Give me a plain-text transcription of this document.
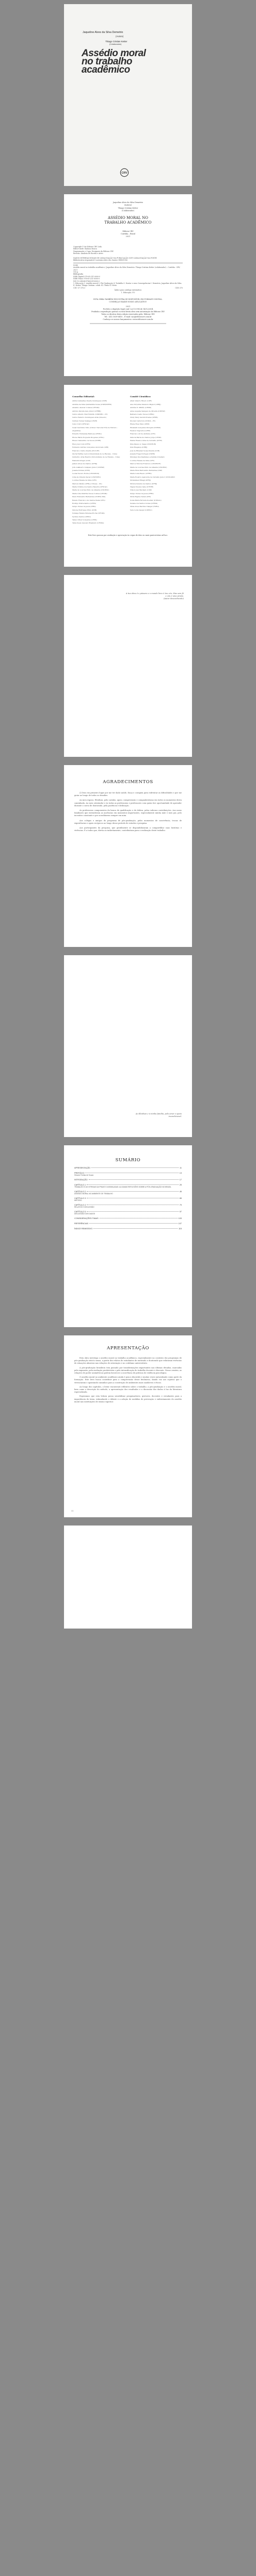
Jaqueline Alves da Silva Demetrio
(Autora)
Thiago Cristian Ketter
(Colaborador)
Assédio moral
no trabalho
acadêmico
CRV
Jaqueline Alves da Silva Demetrio
(Autora)
Thiago Cristian Ketter
(Colaborador)
ASSÉDIO MORAL NO TRABALHO ACADÊMICO
Editora CRV
Curitiba – Brasil
2021
Copyright © da Editora CRV Ltda.
Editor-chefe: Railson Moura
Diagramação e Capa: Designers da Editora CRV
Revisão: Analista de Escrita e Artes
DADOS INTERNACIONAIS DE CATALOGAÇÃO NA PUBLICAÇÃO (CIP) CATALOGAÇÃO NA FONTE
Bibliotecária responsável: Luzenira Alves dos Santos CRB9/1506
D384
Assédio moral no trabalho acadêmico / Jaqueline Alves da Silva Demetrio. Thiago Cristian Ketter (colaborador) – Curitiba : CRV, 2021.
110 p.
Bibliografia
ISBN Digital 978-65-251-0000-0
ISBN Físico 978-65-251-0000-0
DOI 10.24824/978652510000.0
1. Educação 2. Assédio moral 3. Pós-Graduação 4. Trabalho 5. Doutor e seus Consequências I. Demetrio, Jaqueline Alves da Silva. II. Ketter, Thiago Cristian. colab. III. Título IV. Série.
CDU 37 378.3	CDD 370
Índice para catálogo sistemático
1. Educação 370
ESTA OBRA TAMBÉM ENCONTRA-SE DISPONÍVEL EM FORMATO DIGITAL.
CONHEÇA E BAIXE NOSSO APLICATIVO!
2021
Foi feito o depósito legal conf. Lei 10.994 de 14/12/2004
Proibida a reprodução parcial ou total desta obra sem autorização da Editora CRV
Todos os direitos desta edição reservados pela: Editora CRV
Tel.: (41) 3039-6418 – E-mail: sac@editoracrv.com.br
Conheça os nossos lançamentos: www.editoracrv.com.br
Conselho Editorial:
Aldira Guimarães Duarte Domínguez (UNB)
Andréia da Silva Quintanilha Sousa (UNIR/UFRN)
Anselmo Alencar Colares (UFOPA)
Antônio Pereira Gaio Júnior (UFRRJ)
Carlos Alberto Vilar Estêvão (UMINHO – PT)
Carlos Federico Dominguez Avila (Unieuro)
Carmen Tereza Velanga (UNIR)
Celso Conti (UFSCar)
Cesar Gerónimo Tello (Univer. Nacional Três de Febrero – Argentina)
Eduardo Fernandes Barbosa (UFMG)
Elione Maria Nogueira Diogenes (UFAL)
Elizeu Clementino de Souza (UNEB)
Élsio José Corá (UFFS)
Fernando Antônio Gonçalves Alcoforado (IPB)
Francisco Carlos Duarte (PUC-PR)
Gloria Fariñas León (Universidade de La Havana – Cuba)
Guillermo Arias Beatón (Universidade de La Havana – Cuba)
Helmuth Krüger (UCP)
Jailson Alves dos Santos (UFRJ)
João Adalberto Campato Junior (UNESP)
Josania Portela (UFPI)
Leonel Severo Rocha (UNISINOS)
Lídia de Oliveira Xavier (UNIEURO)
Lourdes Helena da Silva (UFV)
Marcelo Paixão (UFRJ e UTexas – US)
Maria Cristina dos Santos Bezerra (UFSCar)
Maria de Lourdes Pinto de Almeida (UNOESC)
Maria Lília Imbiriba Sousa Colares (UFOPA)
Paulo Romualdo Hernandes (UNIFAL-MG)
Renato Francisco dos Santos Paula (UFG)
Rodrigo Pratte-Santos (UFES)
Sérgio Nunes de Jesus (IFRO)
Simone Rodrigues Pinto (UNB)
Solange Helena Ximenes-Rocha (UFOPA)
Sydione Santos (UEPG)
Tadeu Oliver Gonçalves (UFPA)
Tania Suely Azevedo Brasileiro (UFOPA)
Comitê Científico:
Altair Alberto Fávero (UPF)
Ana Chrystina Venancio Mignot (UERJ)
Andréia N. Militão (UEMS)
Anna Augusta Sampaio de Oliveira (UNESP)
Barbara Coelho Neves (UFBA)
Cindy Mery Gavioli-Prestes (UFPB)
Diosnel Centurion (UNIDA – PY)
Eliane Rose Maio (UEM)
Elizabeth Gonçalves Perugini (UNESP)
Fauston Negreiros (UFPI)
Francisco Ari de Andrade (UFC)
Gláucia Maria dos Santos Jorge (UFOP)
Helder Buenos Aires de Carvalho (UFPI)
Ilma Passos A. Veiga (UNICEUB)
Inês Bragança (UERJ)
José de Ribamar Sousa Pereira (UCB)
Jussara Fraga Portugal (UNEB)
Kilwangy Kya Kapitango-a-Samba (Unemat)
Lourdes Helena da Silva (UFV)
Marcos Vinicius Francisco (UNOESTE)
Maria de Lourdes Pinto de Almeida (UNOESC)
Maria Eliza Mattosinho Bernardes (USP)
Maria Luiza Bueno (UFRN)
Maria Rosário Aparecida de Carvalho Junior (UNICAMP)
Mohammed Elhajji (UFRJ)
Mônica Pereira dos Santos (UFRJ)
Najela Tavares Ujiie (UTFPR)
Nilson José Machado (USP)
Sérgio Nunes de Jesus (IFRO)
Silvia Regina Canan (URI)
Sonia Maria Ferreira Koehler (UNISAL)
Suzana dos Santos Gomes (UFMG)
Vânia Alves Martins Chaigar (FURG)
Vera Lucia Gaspar (UDESC)
Este livro passou por avaliação e aprovação às cegas de dois ou mais pareceristas ad hoc.
A tua alma é o pássaro e o mundo livre é teu céu. Mas sem fé o céu é uma prisão.
(Autor desconhecido)
AGRADECIMENTOS

À Deus em primeiro lugar por me ter dado saúde, força e coragem para enfrentar as dificuldades e por me guiar ao longo de todos os desafios.

Ao meu esposo, Eleidson, pelo carinho, apoio, compreensão e companheirismo em todos os momentos desta caminhada. Ao meu orientador e às todas as professoras e professores com quem tive oportunidade de aprender durante o curso de doutorado, pela paciência e dedicação.

Às professoras componentes da banca de qualificação e de defesa, pelas valiosas contribuições. Aos meus familiares que entenderam as ausências em momentos importantes, especialmente minha mãe e meu pai, pelo incentivo constante e por acreditarem sempre em mim.

Aos colegas e amigos do programa de pós-graduação, pelos momentos de convivência, trocas de experiências e apoio recíproco ao longo desse período de estudos e pesquisa.

Aos participantes da pesquisa, que gentilmente se disponibilizaram a compartilhar suas histórias e vivências. E a todos que, direta ou indiretamente, contribuíram para a realização deste trabalho.

Ao Eleidson e à minha família, pelo amor e apoio incondicional.
SUMÁRIO
APRESENTAÇÃO	11
PREFÁCIO	13
Simone Freitas de Souza
INTRODUÇÃO	17
CAPÍTULO 1	25
TRABALHO E AS VITRINAS DA PRAXE E ASSIMILADAS: ALGUMAS REFLEXÕES SOBRE A PÓS-GRADUAÇÃO NO BRASIL
CAPÍTULO 2	45
ASSÉDIO MORAL NO AMBIENTE DE TRABALHO
CAPÍTULO 3	65
MÉTODO
CAPÍTULO 4	79
RELATOS E DISCUSSÃO
CAPÍTULO 5	97
DISCUSSÃO DOS DADOS
CONSIDERAÇÕES FINAIS	103
REFERÊNCIAS	107
ÍNDICE REMISSIVO	115
APRESENTAÇÃO

Esta obra investiga o assédio moral no trabalho acadêmico, especialmente no contexto dos programas de pós-graduação stricto sensu, a partir dos relatos de estudantes de mestrado e doutorado que relataram vivências de situações abusivas nas relações de orientação e no cotidiano universitário.

A pós-graduação brasileira tem passado por transformações importantes nas últimas décadas, marcadas pela expansão, pela avaliação produtivista e pela intensificação do trabalho docente e discente. Nesse cenário, as relações de poder assimétricas podem favorecer a ocorrência de práticas de violência psicológica.

O assédio moral no ambiente acadêmico ainda é pouco discutido e muitas vezes naturalizado como parte da formação. Este livro busca contribuir para a compreensão desse fenômeno, dando voz aos sujeitos que o vivenciaram e apontando caminhos para a construção de ambientes mais saudáveis e éticos.

Ao longo dos capítulos, o leitor encontrará reflexões sobre o trabalho, a pós-graduação e o assédio moral, bem como a descrição do método, a apresentação dos resultados e a discussão dos dados à luz da literatura especializada.

Esperamos que esta leitura possa sensibilizar pesquisadores, gestores, docentes e estudantes para a importância do tema, estimulando o debate e a adoção de medidas de prevenção e enfrentamento do assédio moral nas instituições de ensino superior.

11
